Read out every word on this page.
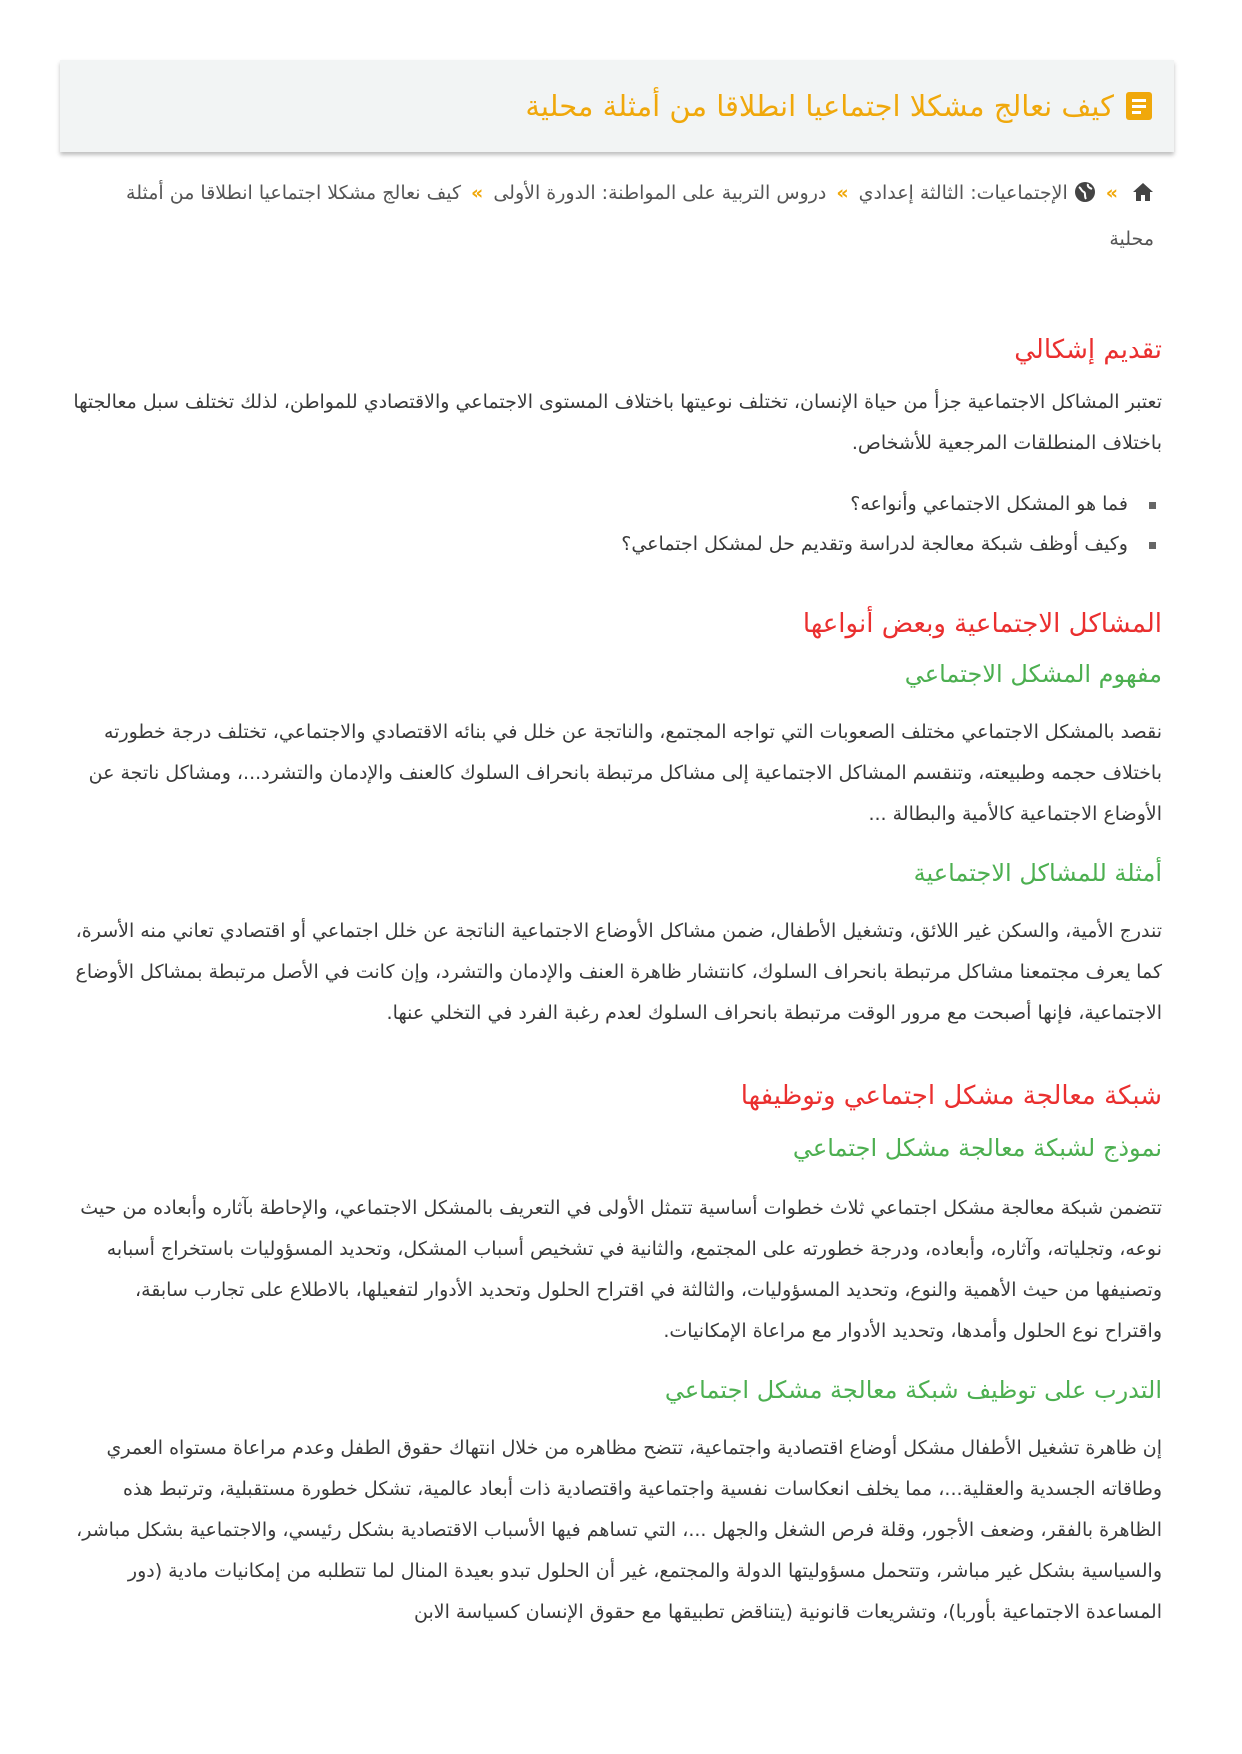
كيف نعالج مشكلا اجتماعيا انطلاقا من أمثلة محلية
»الإجتماعيات: الثالثة إعدادي»دروس التربية على المواطنة: الدورة الأولى»كيف نعالج مشكلا اجتماعيا انطلاقا من أمثلة محلية
تقديم إشكالي

تعتبر المشاكل الاجتماعية جزأ من حياة الإنسان، تختلف نوعيتها باختلاف المستوى الاجتماعي والاقتصادي للمواطن، لذلك تختلف سبل معالجتها باختلاف المنطلقات المرجعية للأشخاص.

فما هو المشكل الاجتماعي وأنواعه؟
وكيف أوظف شبكة معالجة لدراسة وتقديم حل لمشكل اجتماعي؟
المشاكل الاجتماعية وبعض أنواعها
مفهوم المشكل الاجتماعي

نقصد بالمشكل الاجتماعي مختلف الصعوبات التي تواجه المجتمع، والناتجة عن خلل في بنائه الاقتصادي والاجتماعي، تختلف درجة خطورته باختلاف حجمه وطبيعته، وتنقسم المشاكل الاجتماعية إلى مشاكل مرتبطة بانحراف السلوك كالعنف والإدمان والتشرد...، ومشاكل ناتجة عن الأوضاع الاجتماعية كالأمية والبطالة ...

أمثلة للمشاكل الاجتماعية

تندرج الأمية، والسكن غير اللائق، وتشغيل الأطفال، ضمن مشاكل الأوضاع الاجتماعية الناتجة عن خلل اجتماعي أو اقتصادي تعاني منه الأسرة، كما يعرف مجتمعنا مشاكل مرتبطة بانحراف السلوك، كانتشار ظاهرة العنف والإدمان والتشرد، وإن كانت في الأصل مرتبطة بمشاكل الأوضاع الاجتماعية، فإنها أصبحت مع مرور الوقت مرتبطة بانحراف السلوك لعدم رغبة الفرد في التخلي عنها.

شبكة معالجة مشكل اجتماعي وتوظيفها
نموذج لشبكة معالجة مشكل اجتماعي

تتضمن شبكة معالجة مشكل اجتماعي ثلاث خطوات أساسية تتمثل الأولى في التعريف بالمشكل الاجتماعي، والإحاطة بآثاره وأبعاده من حيث نوعه، وتجلياته، وآثاره، وأبعاده، ودرجة خطورته على المجتمع، والثانية في تشخيص أسباب المشكل، وتحديد المسؤوليات باستخراج أسبابه وتصنيفها من حيث الأهمية والنوع، وتحديد المسؤوليات، والثالثة في اقتراح الحلول وتحديد الأدوار لتفعيلها، بالاطلاع على تجارب سابقة، واقتراح نوع الحلول وأمدها، وتحديد الأدوار مع مراعاة الإمكانيات.

التدرب على توظيف شبكة معالجة مشكل اجتماعي

إن ظاهرة تشغيل الأطفال مشكل أوضاع اقتصادية واجتماعية، تتضح مظاهره من خلال انتهاك حقوق الطفل وعدم مراعاة مستواه العمري وطاقاته الجسدية والعقلية...، مما يخلف انعكاسات نفسية واجتماعية واقتصادية ذات أبعاد عالمية، تشكل خطورة مستقبلية، وترتبط هذه الظاهرة بالفقر، وضعف الأجور، وقلة فرص الشغل والجهل ...، التي تساهم فيها الأسباب الاقتصادية بشكل رئيسي، والاجتماعية بشكل مباشر، والسياسية بشكل غير مباشر، وتتحمل مسؤوليتها الدولة والمجتمع، غير أن الحلول تبدو بعيدة المنال لما تتطلبه من إمكانيات مادية (دور المساعدة الاجتماعية بأوربا)، وتشريعات قانونية (يتناقض تطبيقها مع حقوق الإنسان كسياسة الابن
